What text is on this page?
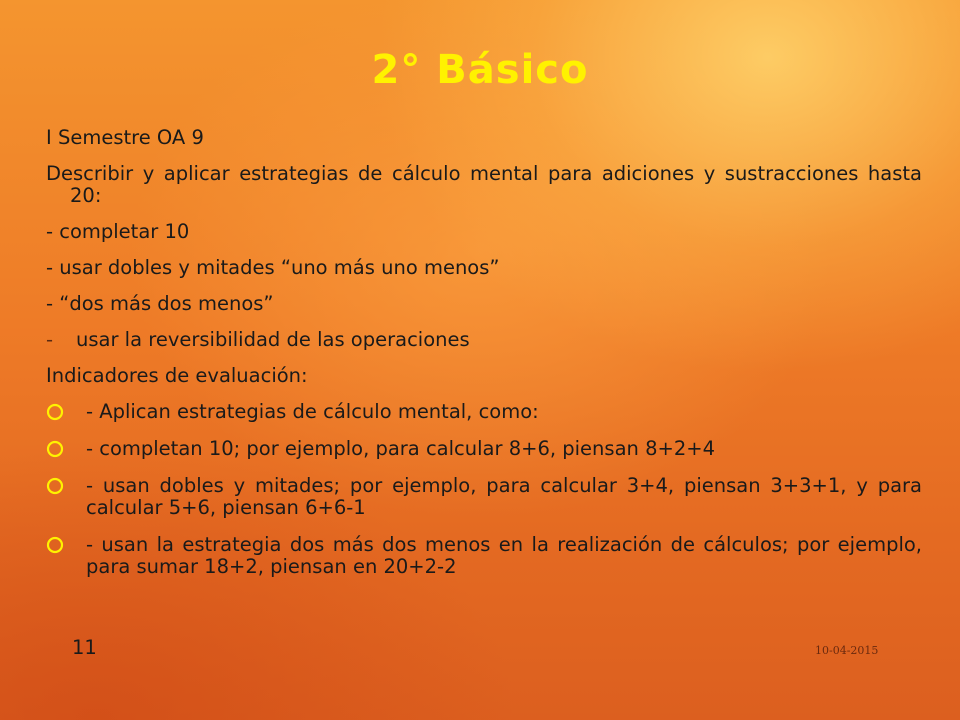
2° Básico

I Semestre OA 9

Describir y aplicar estrategias de cálculo mental para adiciones y sustracciones hasta 20:

- completar 10

- usar dobles y mitades “uno más uno menos”

- “dos más dos menos”

-	usar la reversibilidad de las operaciones

Indicadores de evaluación:

- Aplican estrategias de cálculo mental, como:
- completan 10; por ejemplo, para calcular 8+6, piensan 8+2+4
- usan dobles y mitades; por ejemplo, para calcular 3+4, piensan 3+3+1, y para calcular 5+6, piensan 6+6-1
- usan la estrategia dos más dos menos en la realización de cálculos; por ejemplo, para sumar 18+2, piensan en 20+2-2
11	10-04-2015
